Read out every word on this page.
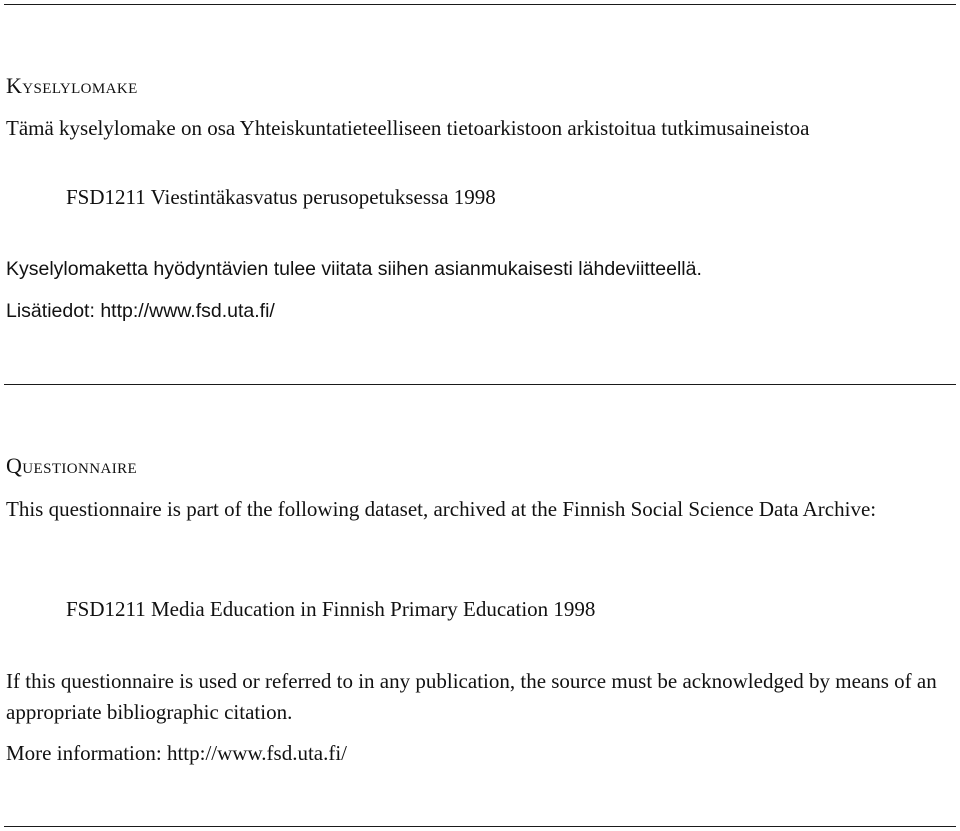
Kyselylomake
Tämä kyselylomake on osa Yhteiskuntatieteelliseen tietoarkistoon arkistoitua tutkimusaineistoa
FSD1211 Viestintäkasvatus perusopetuksessa 1998
Kyselylomaketta hyödyntävien tulee viitata siihen asianmukaisesti lähdeviitteellä.
Lisätiedot: http://www.fsd.uta.fi/
Questionnaire
This questionnaire is part of the following dataset, archived at the Finnish Social Science Data Archive:
FSD1211 Media Education in Finnish Primary Education 1998
If this questionnaire is used or referred to in any publication, the source must be acknowledged by means of an appropriate bibliographic citation.
More information: http://www.fsd.uta.fi/
